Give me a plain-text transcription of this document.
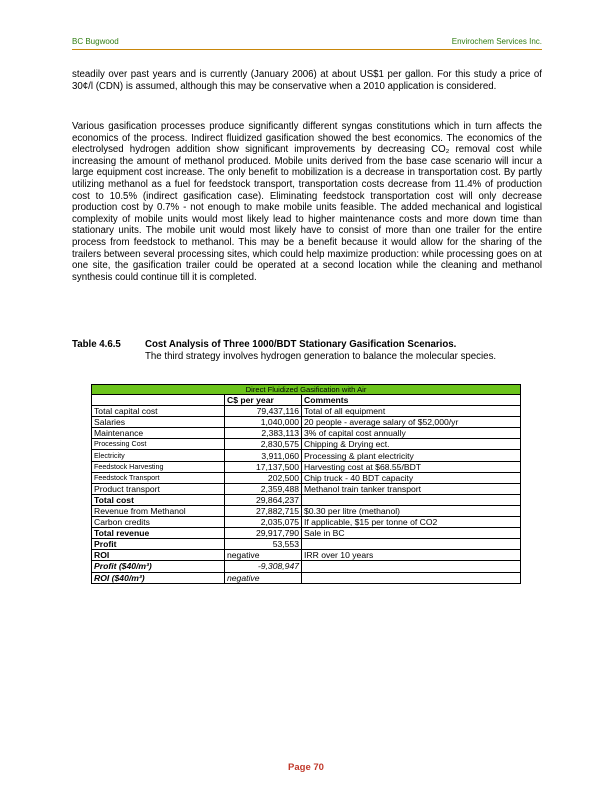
BC Bugwood	Envirochem Services Inc.

steadily over past years and is currently (January 2006) at about US$1 per gallon. For this study a price of 30¢/l (CDN) is assumed, although this may be conservative when a 2010 application is considered.

Various gasification processes produce significantly different syngas constitutions which in turn affects the economics of the process. Indirect fluidized gasification showed the best economics. The economics of the electrolysed hydrogen addition show significant improvements by decreasing CO₂ removal cost while increasing the amount of methanol produced. Mobile units derived from the base case scenario will incur a large equipment cost increase. The only benefit to mobilization is a decrease in transportation cost. By partly utilizing methanol as a fuel for feedstock transport, transportation costs decrease from 11.4% of production cost to 10.5% (indirect gasification case). Eliminating feedstock transportation cost will only decrease production cost by 0.7% - not enough to make mobile units feasible. The added mechanical and logistical complexity of mobile units would most likely lead to higher maintenance costs and more down time than stationary units. The mobile unit would most likely have to consist of more than one trailer for the entire process from feedstock to methanol. This may be a benefit because it would allow for the sharing of the trailers between several processing sites, which could help maximize production: while processing goes on at one site, the gasification trailer could be operated at a second location while the cleaning and methanol synthesis could continue till it is completed.

Table 4.6.5 Cost Analysis of Three 1000/BDT Stationary Gasification Scenarios.
The third strategy involves hydrogen generation to balance the molecular species.
Direct Fluidized Gasification with Air		
	C$ per year	Comments
Total capital cost	79,437,116	Total of all equipment
Salaries	1,040,000	20 people - average salary of $52,000/yr
Maintenance	2,383,113	3% of capital cost annually
Processing Cost	2,830,575	Chipping & Drying ect.
Electricity	3,911,060	Processing & plant electricity
Feedstock Harvesting	17,137,500	Harvesting cost at $68.55/BDT
Feedstock Transport	202,500	Chip truck - 40 BDT capacity
Product transport	2,359,488	Methanol train tanker transport
Total cost	29,864,237	
Revenue from Methanol	27,882,715	$0.30 per litre (methanol)
Carbon credits	2,035,075	If applicable, $15 per tonne of CO2
Total revenue	29,917,790	Sale in BC
Profit	53,553	
ROI	negative	IRR over 10 years
Profit ($40/m³)	-9,308,947	
ROI ($40/m³)	negative	
Page 70
